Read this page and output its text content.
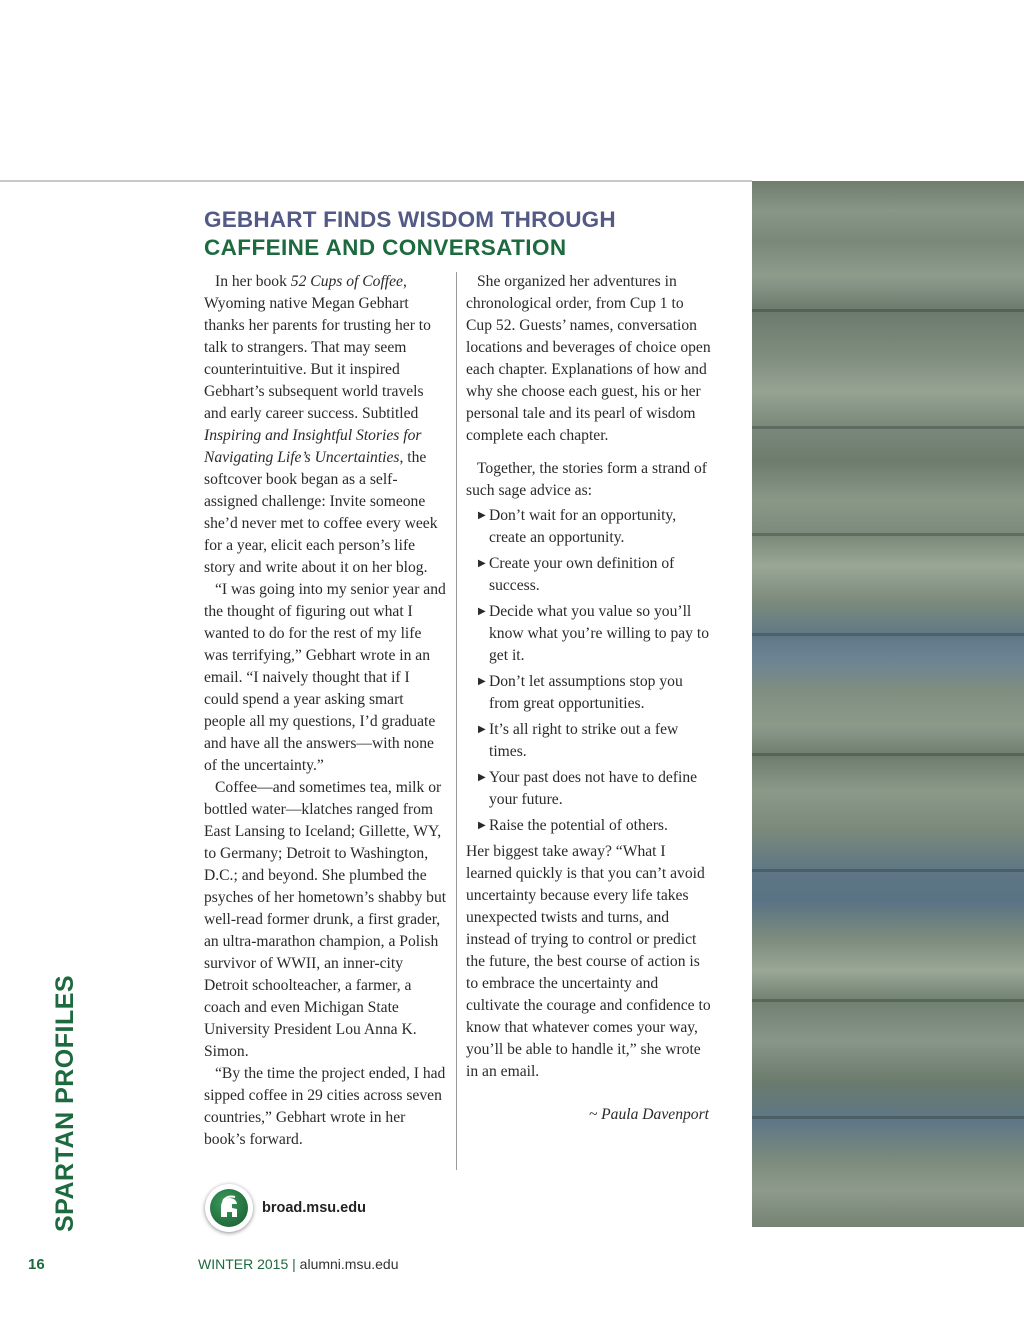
GEBHART FINDS WISDOM THROUGH
CAFFEINE AND CONVERSATION

In her book 52 Cups of Coffee, Wyoming native Megan Gebhart thanks her parents for trusting her to talk to strangers. That may seem counterintuitive. But it inspired Gebhart’s subsequent world travels and early career success. Subtitled Inspiring and Insightful Stories for Navigating Life’s Uncertainties, the softcover book began as a self-assigned challenge: Invite someone she’d never met to coffee every week for a year, elicit each person’s life story and write about it on her blog.

“I was going into my senior year and the thought of figuring out what I wanted to do for the rest of my life was terrifying,” Gebhart wrote in an email. “I naively thought that if I could spend a year asking smart people all my questions, I’d graduate and have all the answers—with none of the uncertainty.”

Coffee—and sometimes tea, milk or bottled water—klatches ranged from East Lansing to Iceland; Gillette, WY, to Germany; Detroit to Washington, D.C.; and beyond. She plumbed the psyches of her hometown’s shabby but well-read former drunk, a first grader, an ultra-marathon champion, a Polish survivor of WWII, an inner-city Detroit schoolteacher, a farmer, a coach and even Michigan State University President Lou Anna K. Simon.

“By the time the project ended, I had sipped coffee in 29 cities across seven countries,” Gebhart wrote in her book’s forward.

She organized her adventures in chronological order, from Cup 1 to Cup 52. Guests’ names, conversation locations and beverages of choice open each chapter. Explanations of how and why she choose each guest, his or her personal tale and its pearl of wisdom complete each chapter.

Together, the stories form a strand of such sage advice as:

▶ Don’t wait for an opportunity, create an opportunity.
▶ Create your own definition of success.
▶ Decide what you value so you’ll know what you’re willing to pay to get it.
▶ Don’t let assumptions stop you from great opportunities.
▶ It’s all right to strike out a few times.
▶ Your past does not have to define your future.
▶ Raise the potential of others.

Her biggest take away? “What I learned quickly is that you can’t avoid uncertainty because every life takes unexpected twists and turns, and instead of trying to control or predict the future, the best course of action is to embrace the uncertainty and cultivate the courage and confidence to know that whatever comes your way, you’ll be able to handle it,” she wrote in an email.

~ Paula Davenport

broad.msu.edu
SPARTAN PROFILES
16	WINTER 2015 | alumni.msu.edu
